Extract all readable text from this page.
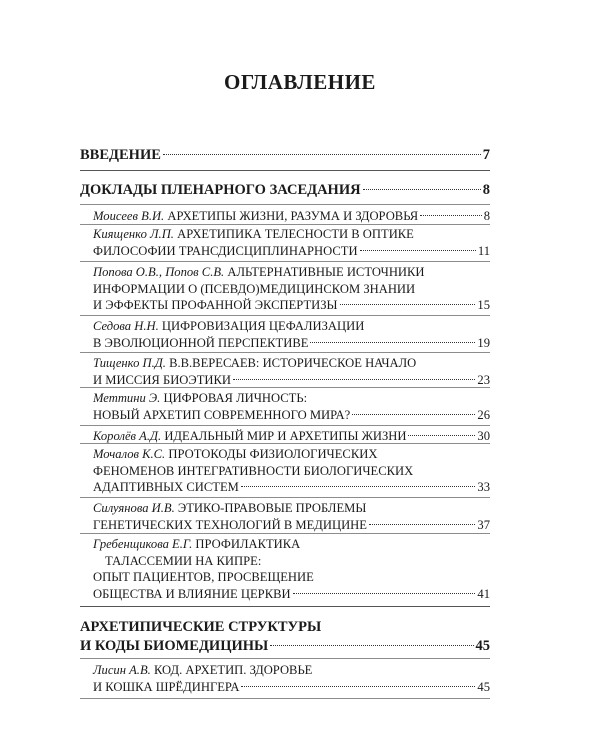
ОГЛАВЛЕНИЕ
ВВЕДЕНИЕ	7
ДОКЛАДЫ ПЛЕНАРНОГО ЗАСЕДАНИЯ	8
Моисеев В.И. АРХЕТИПЫ ЖИЗНИ, РАЗУМА И ЗДОРОВЬЯ	8
Киященко Л.П. АРХЕТИПИКА ТЕЛЕСНОСТИ В ОПТИКЕ
ФИЛОСОФИИ ТРАНСДИСЦИПЛИНАРНОСТИ	11
Попова О.В., Попов С.В. АЛЬТЕРНАТИВНЫЕ ИСТОЧНИКИ
ИНФОРМАЦИИ О (ПСЕВДО)МЕДИЦИНСКОМ ЗНАНИИ
И ЭФФЕКТЫ ПРОФАННОЙ ЭКСПЕРТИЗЫ	15
Седова Н.Н. ЦИФРОВИЗАЦИЯ ЦЕФАЛИЗАЦИИ
В ЭВОЛЮЦИОННОЙ ПЕРСПЕКТИВЕ	19
Тищенко П.Д. В.В.ВЕРЕСАЕВ: ИСТОРИЧЕСКОЕ НАЧАЛО
И МИССИЯ БИОЭТИКИ	23
Меттини Э. ЦИФРОВАЯ ЛИЧНОСТЬ:
НОВЫЙ АРХЕТИП СОВРЕМЕННОГО МИРА?	26
Королёв А.Д. ИДЕАЛЬНЫЙ МИР И АРХЕТИПЫ ЖИЗНИ	30
Мочалов К.С. ПРОТОКОДЫ ФИЗИОЛОГИЧЕСКИХ
ФЕНОМЕНОВ ИНТЕГРАТИВНОСТИ БИОЛОГИЧЕСКИХ
АДАПТИВНЫХ СИСТЕМ	33
Силуянова И.В. ЭТИКО-ПРАВОВЫЕ ПРОБЛЕМЫ
ГЕНЕТИЧЕСКИХ ТЕХНОЛОГИЙ В МЕДИЦИНЕ	37
Гребенщикова Е.Г. ПРОФИЛАКТИКА
ТАЛАССЕМИИ НА КИПРЕ:
ОПЫТ ПАЦИЕНТОВ, ПРОСВЕЩЕНИЕ
ОБЩЕСТВА И ВЛИЯНИЕ ЦЕРКВИ	41
АРХЕТИПИЧЕСКИЕ СТРУКТУРЫ
И КОДЫ БИОМЕДИЦИНЫ	45
Лисин А.В. КОД. АРХЕТИП. ЗДОРОВЬЕ
И КОШКА ШРЁДИНГЕРА	45
